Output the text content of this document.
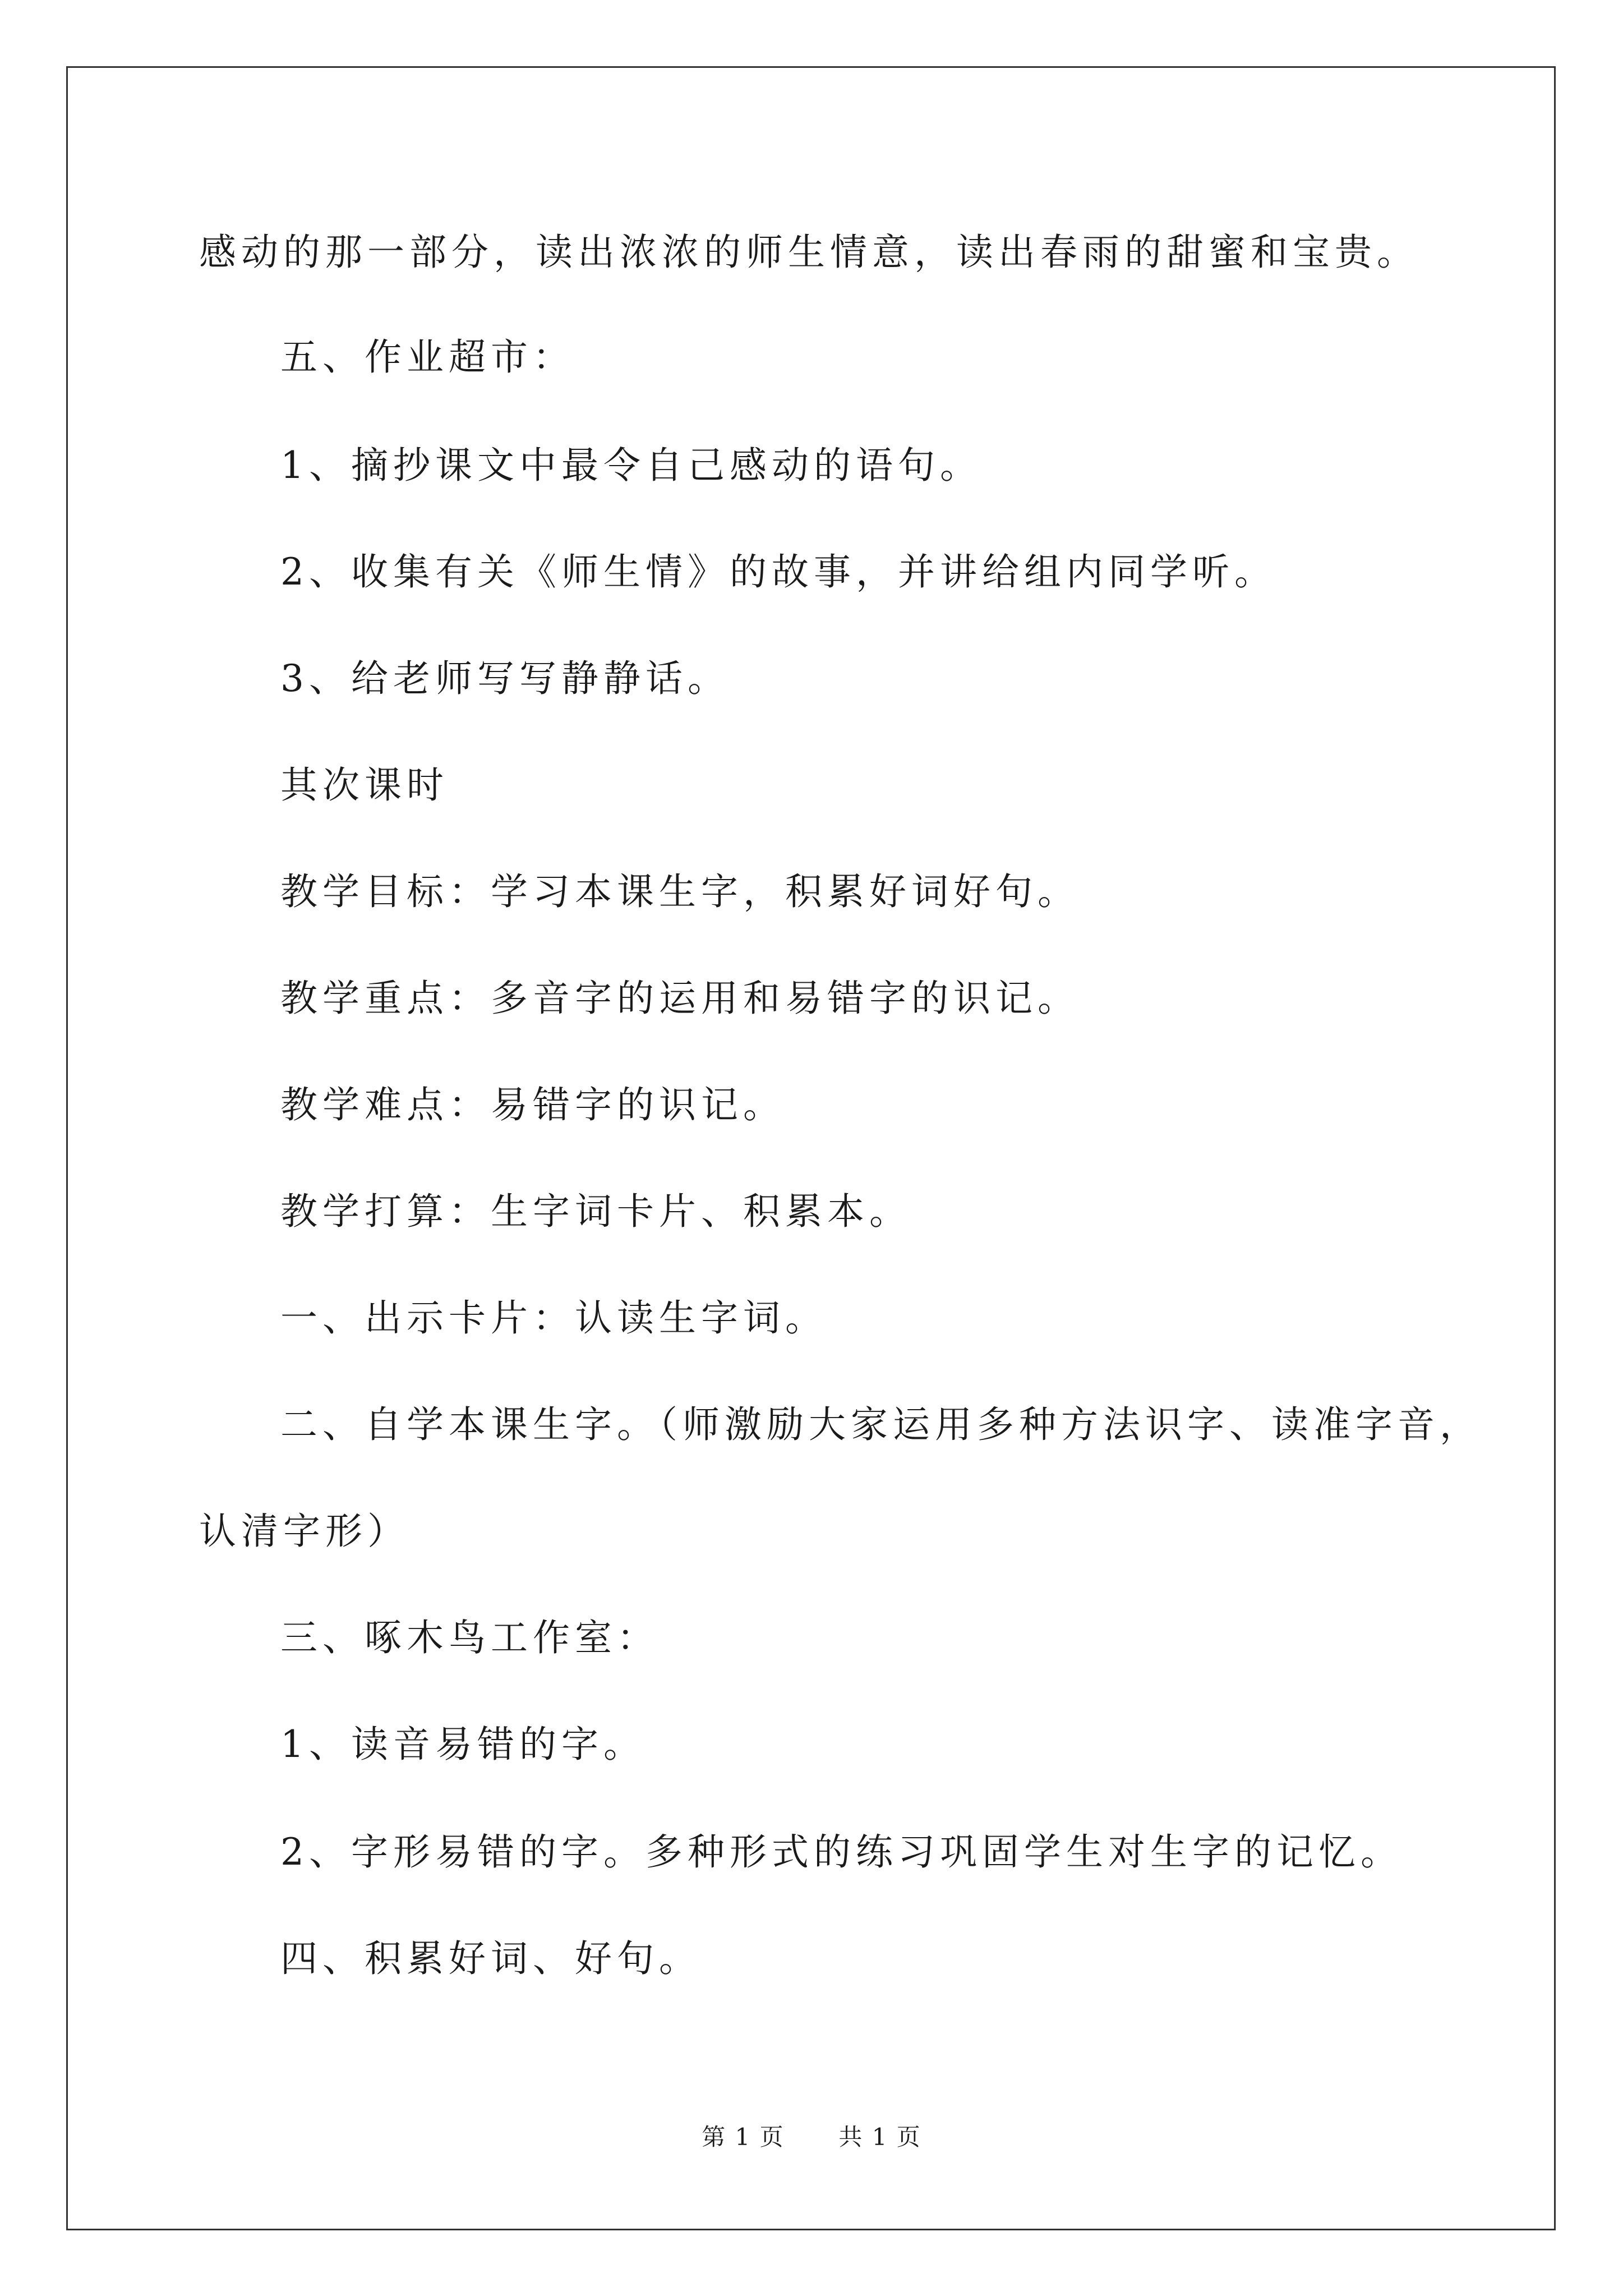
感动的那一部分，读出浓浓的师生情意，读出春雨的甜蜜和宝贵。
五、作业超市：
1、摘抄课文中最令自己感动的语句。
2、收集有关《师生情》的故事，并讲给组内同学听。
3、给老师写写静静话。
其次课时
教学目标：学习本课生字，积累好词好句。
教学重点：多音字的运用和易错字的识记。
教学难点：易错字的识记。
教学打算：生字词卡片、积累本。
一、出示卡片：认读生字词。
二、自学本课生字。（师激励大家运用多种方法识字、读准字音，
认清字形）
三、啄木鸟工作室：
1、读音易错的字。
2、字形易错的字。多种形式的练习巩固学生对生字的记忆。
四、积累好词、好句。
第 1 页 共 1 页
